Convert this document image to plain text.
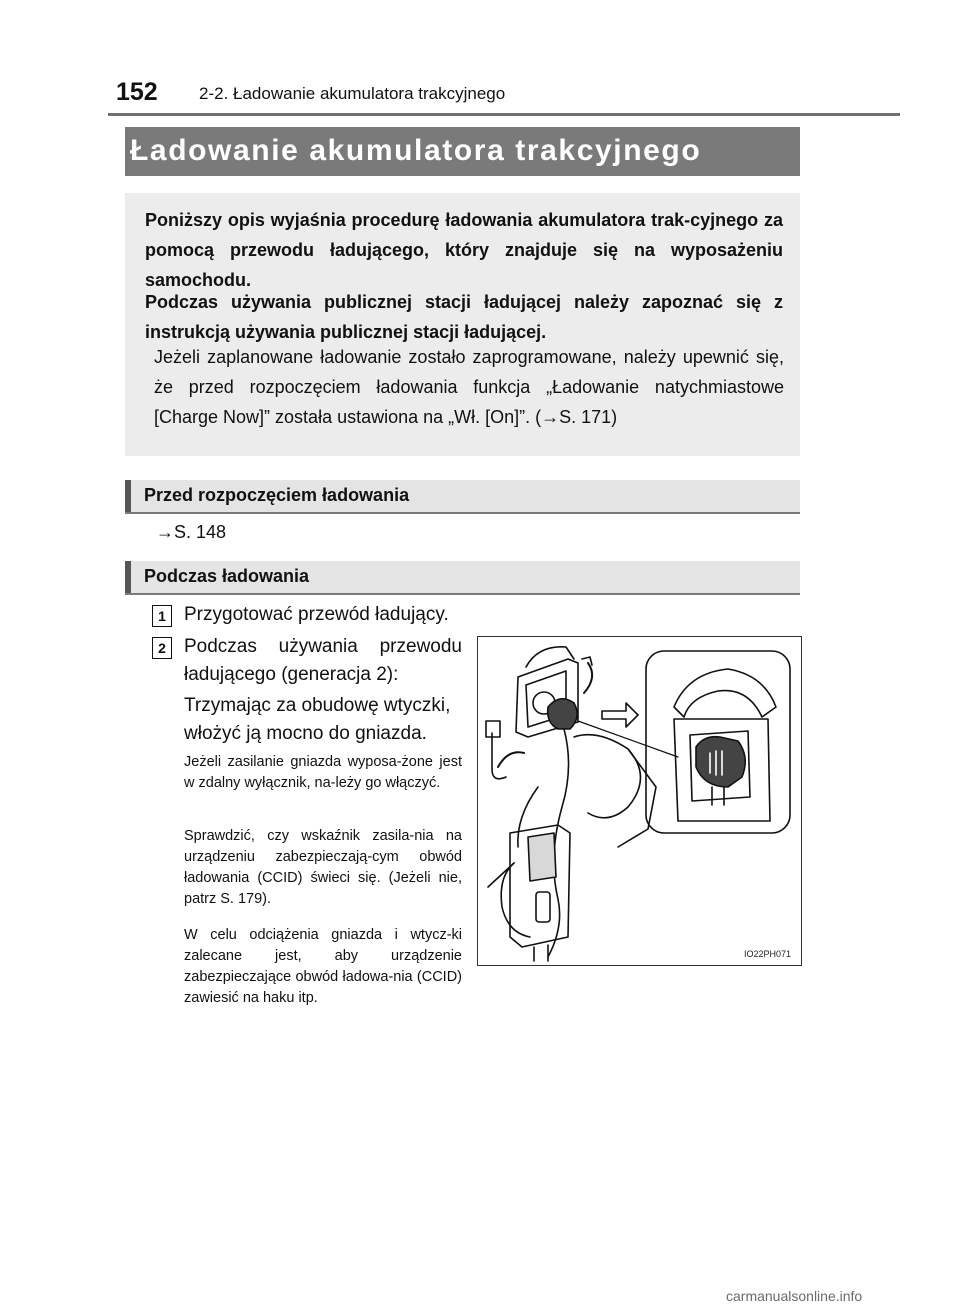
152 2-2. Ładowanie akumulatora trakcyjnego
Ładowanie akumulatora trakcyjnego

Poniższy opis wyjaśnia procedurę ładowania akumulatora trak-cyjnego za pomocą przewodu ładującego, który znajduje się na wyposażeniu samochodu.

Podczas używania publicznej stacji ładującej należy zapoznać się z instrukcją używania publicznej stacji ładującej.

Jeżeli zaplanowane ładowanie zostało zaprogramowane, należy upewnić się, że przed rozpoczęciem ładowania funkcja „Ładowanie natychmiastowe [Charge Now]” została ustawiona na „Wł. [On]”. (→S. 171)

Przed rozpoczęciem ładowania
→S. 148
Podczas ładowania
1 Przygotować przewód ładujący.
2 Podczas używania przewodu ładującego (generacja 2):
Trzymając za obudowę wtyczki, włożyć ją mocno do gniazda.
Jeżeli zasilanie gniazda wyposa-żone jest w zdalny wyłącznik, na-leży go włączyć.
Sprawdzić, czy wskaźnik zasila-nia na urządzeniu zabezpieczają-cym obwód ładowania (CCID) świeci się. (Jeżeli nie, patrz S. 179).
W celu odciążenia gniazda i wtycz-ki zalecane jest, aby urządzenie zabezpieczające obwód ładowa-nia (CCID) zawiesić na haku itp.
IO22PH071
carmanualsonline.info
